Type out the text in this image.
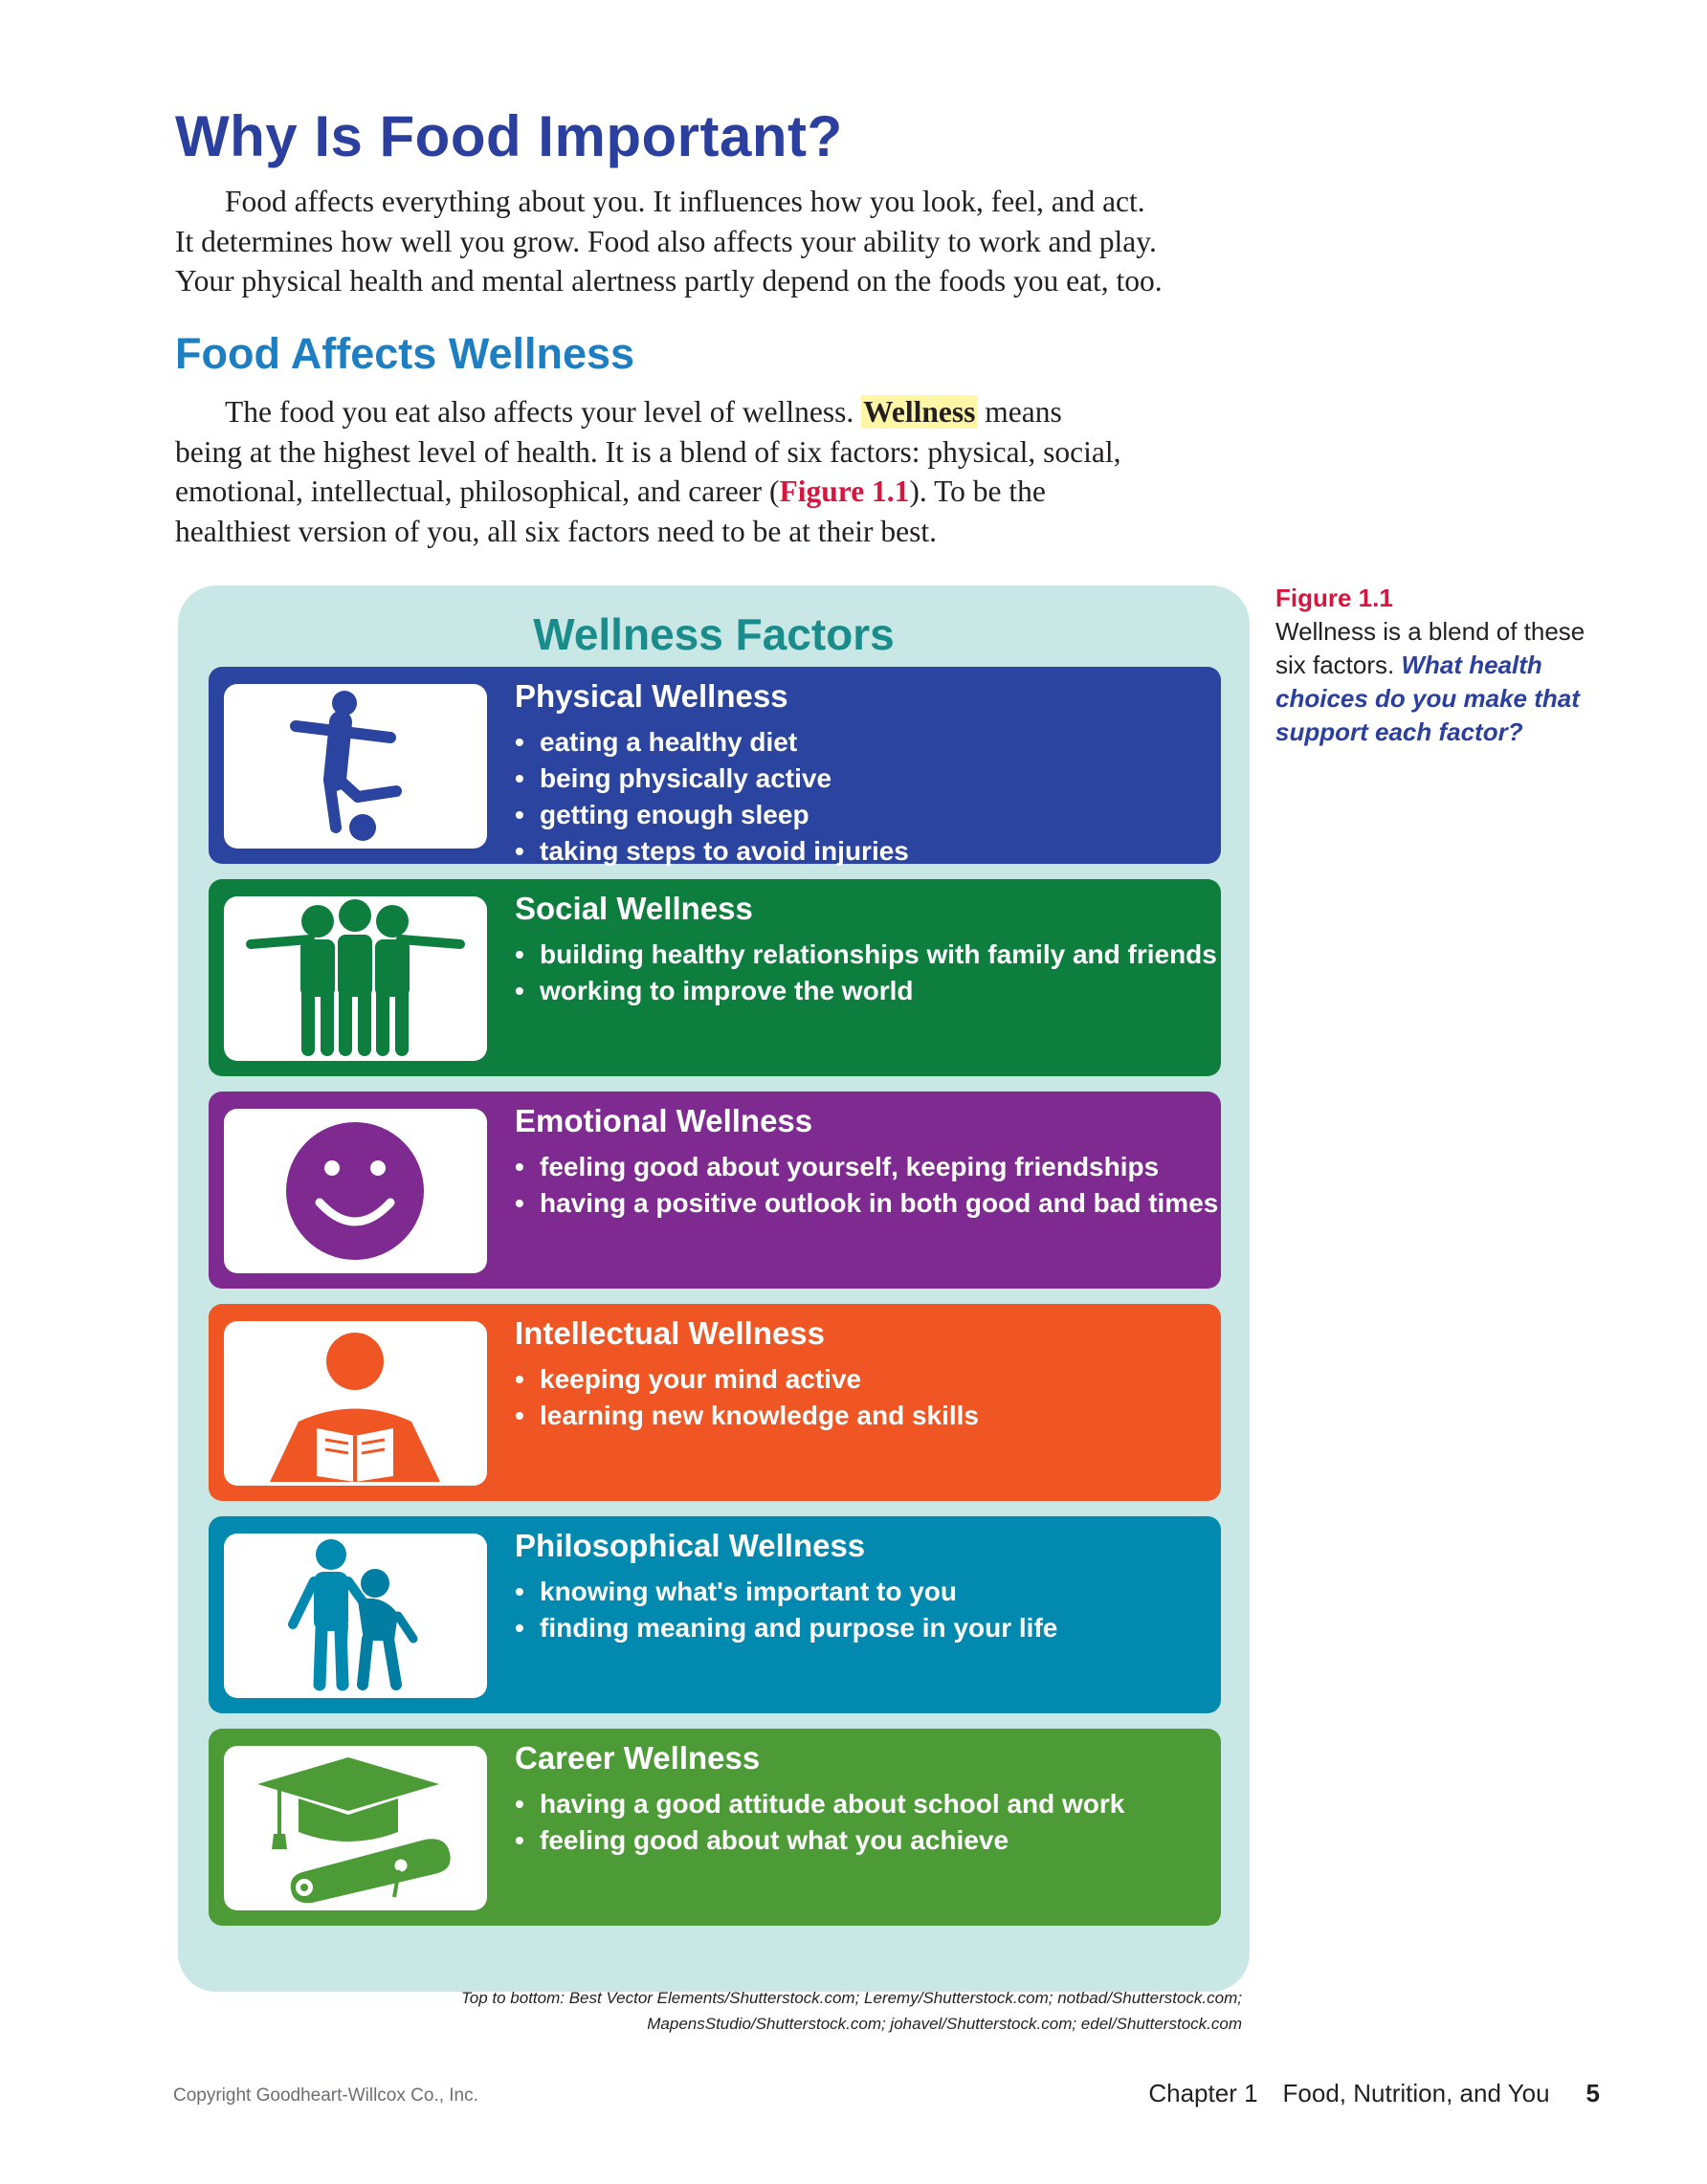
Why Is Food Important?

Food affects everything about you. It influences how you look, feel, and act.
It determines how well you grow. Food also affects your ability to work and play.
Your physical health and mental alertness partly depend on the foods you eat, too.

Food Affects Wellness

The food you eat also affects your level of wellness. Wellness means
being at the highest level of health. It is a blend of six factors: physical, social,
emotional, intellectual, philosophical, and career (Figure 1.1). To be the
healthiest version of you, all six factors need to be at their best.

Wellness Factors
Physical Wellness
• eating a healthy diet
• being physically active
• getting enough sleep
• taking steps to avoid injuries
Social Wellness
• building healthy relationships with family and friends
• working to improve the world
Emotional Wellness
• feeling good about yourself, keeping friendships
• having a positive outlook in both good and bad times
Intellectual Wellness
• keeping your mind active
• learning new knowledge and skills
Philosophical Wellness
• knowing what's important to you
• finding meaning and purpose in your life
Career Wellness
• having a good attitude about school and work
• feeling good about what you achieve
Figure 1.1
Wellness is a blend of these six factors. What health choices do you make that support each factor?
Top to bottom: Best Vector Elements/Shutterstock.com; Leremy/Shutterstock.com; notbad/Shutterstock.com;
MapensStudio/Shutterstock.com; johavel/Shutterstock.com; edel/Shutterstock.com
Copyright Goodheart-Willcox Co., Inc.	Chapter 1 Food, Nutrition, and You 5
